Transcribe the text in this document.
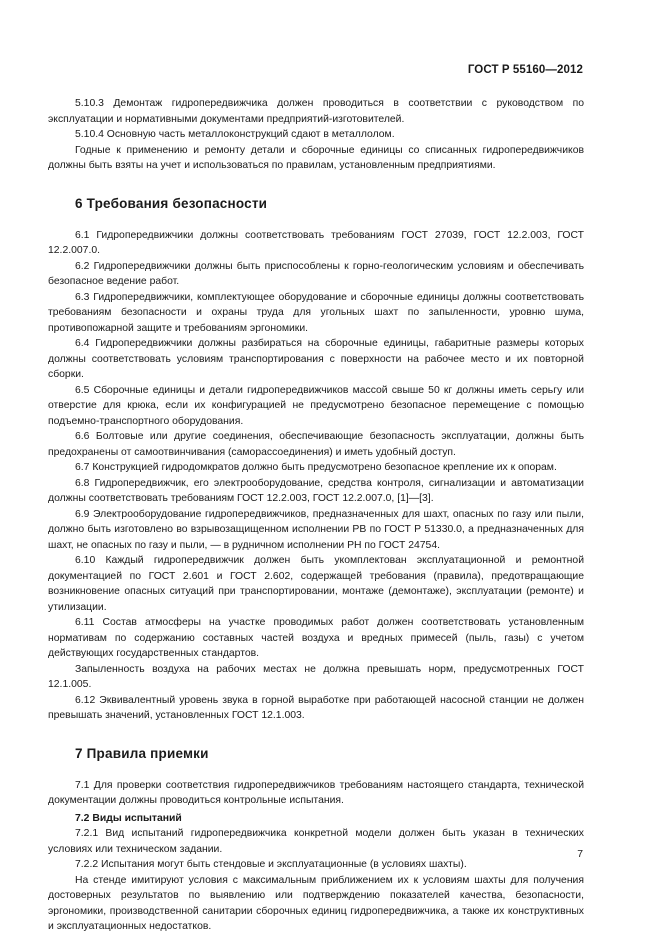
ГОСТ Р 55160—2012

5.10.3 Демонтаж гидропередвижчика должен проводиться в соответствии с руководством по эксплуатации и нормативными документами предприятий-изготовителей.

5.10.4 Основную часть металлоконструкций сдают в металлолом.

Годные к применению и ремонту детали и сборочные единицы со списанных гидропередвижчиков должны быть взяты на учет и использоваться по правилам, установленным предприятиями.

6 Требования безопасности

6.1 Гидропередвижчики должны соответствовать требованиям ГОСТ 27039, ГОСТ 12.2.003, ГОСТ 12.2.007.0.

6.2 Гидропередвижчики должны быть приспособлены к горно-геологическим условиям и обеспечивать безопасное ведение работ.

6.3 Гидропередвижчики, комплектующее оборудование и сборочные единицы должны соответствовать требованиям безопасности и охраны труда для угольных шахт по запыленности, уровню шума, противопожарной защите и требованиям эргономики.

6.4 Гидропередвижчики должны разбираться на сборочные единицы, габаритные размеры которых должны соответствовать условиям транспортирования с поверхности на рабочее место и их повторной сборки.

6.5 Сборочные единицы и детали гидропередвижчиков массой свыше 50 кг должны иметь серьгу или отверстие для крюка, если их конфигурацией не предусмотрено безопасное перемещение с помощью подъемно-транспортного оборудования.

6.6 Болтовые или другие соединения, обеспечивающие безопасность эксплуатации, должны быть предохранены от самоотвинчивания (саморассоединения) и иметь удобный доступ.

6.7 Конструкцией гидродомкратов должно быть предусмотрено безопасное крепление их к опорам.

6.8 Гидропередвижчик, его электрооборудование, средства контроля, сигнализации и автоматизации должны соответствовать требованиям ГОСТ 12.2.003, ГОСТ 12.2.007.0, [1]—[3].

6.9 Электрооборудование гидропередвижчиков, предназначенных для шахт, опасных по газу или пыли, должно быть изготовлено во взрывозащищенном исполнении РВ по ГОСТ Р 51330.0, а предназначенных для шахт, не опасных по газу и пыли, — в рудничном исполнении РН по ГОСТ 24754.

6.10 Каждый гидропередвижчик должен быть укомплектован эксплуатационной и ремонтной документацией по ГОСТ 2.601 и ГОСТ 2.602, содержащей требования (правила), предотвращающие возникновение опасных ситуаций при транспортировании, монтаже (демонтаже), эксплуатации (ремонте) и утилизации.

6.11 Состав атмосферы на участке проводимых работ должен соответствовать установленным нормативам по содержанию составных частей воздуха и вредных примесей (пыль, газы) с учетом действующих государственных стандартов.

Запыленность воздуха на рабочих местах не должна превышать норм, предусмотренных ГОСТ 12.1.005.

6.12 Эквивалентный уровень звука в горной выработке при работающей насосной станции не должен превышать значений, установленных ГОСТ 12.1.003.

7 Правила приемки

7.1 Для проверки соответствия гидропередвижчиков требованиям настоящего стандарта, технической документации должны проводиться контрольные испытания.

7.2 Виды испытаний

7.2.1 Вид испытаний гидропередвижчика конкретной модели должен быть указан в технических условиях или техническом задании.

7.2.2 Испытания могут быть стендовые и эксплуатационные (в условиях шахты).

На стенде имитируют условия с максимальным приближением их к условиям шахты для получения достоверных результатов по выявлению или подтверждению показателей качества, безопасности, эргономики, производственной санитарии сборочных единиц гидропередвижчика, а также их конструктивных и эксплуатационных недостатков.

7
